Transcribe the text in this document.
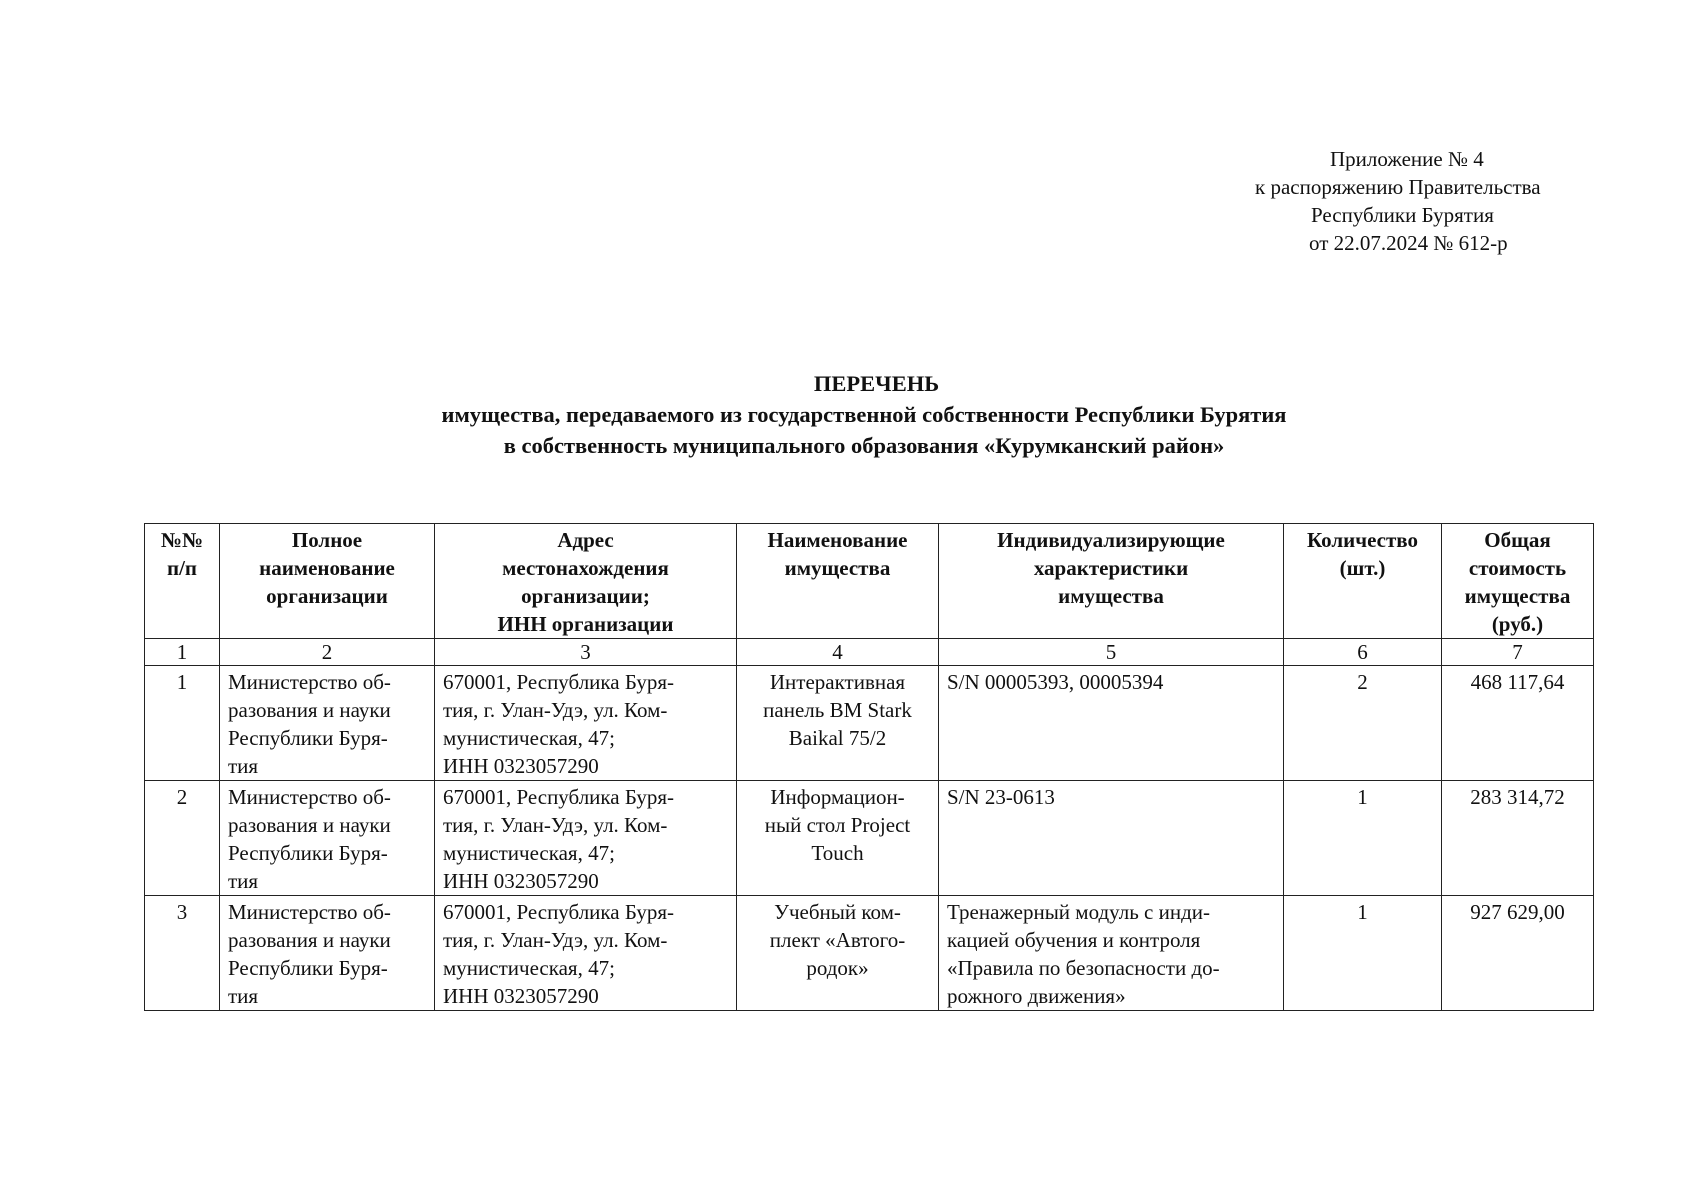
Приложение № 4
к распоряжению Правительства
Республики Бурятия
от 22.07.2024 № 612-р
ПЕРЕЧЕНЬ
имущества, передаваемого из государственной собственности Республики Бурятия
в собственность муниципального образования «Курумканский район»
№№
п/п	Полное
наименование
организации	Адрес
местонахождения
организации;
ИНН организации	Наименование
имущества	Индивидуализирующие
характеристики
имущества	Количество
(шт.)	Общая
стоимость
имущества
(руб.)
1	2	3	4	5	6	7
1	Министерство об-
разования и науки
Республики Буря-
тия	670001, Республика Буря-
тия, г. Улан-Удэ, ул. Ком-
мунистическая, 47;
ИНН 0323057290	Интерактивная
панель BM Stark
Baikal 75/2	S/N 00005393, 00005394	2	468 117,64
2	Министерство об-
разования и науки
Республики Буря-
тия	670001, Республика Буря-
тия, г. Улан-Удэ, ул. Ком-
мунистическая, 47;
ИНН 0323057290	Информацион-
ный стол Project
Touch	S/N 23-0613	1	283 314,72
3	Министерство об-
разования и науки
Республики Буря-
тия	670001, Республика Буря-
тия, г. Улан-Удэ, ул. Ком-
мунистическая, 47;
ИНН 0323057290	Учебный ком-
плект «Автого-
родок»	Тренажерный модуль с инди-
кацией обучения и контроля
«Правила по безопасности до-
рожного движения»	1	927 629,00
